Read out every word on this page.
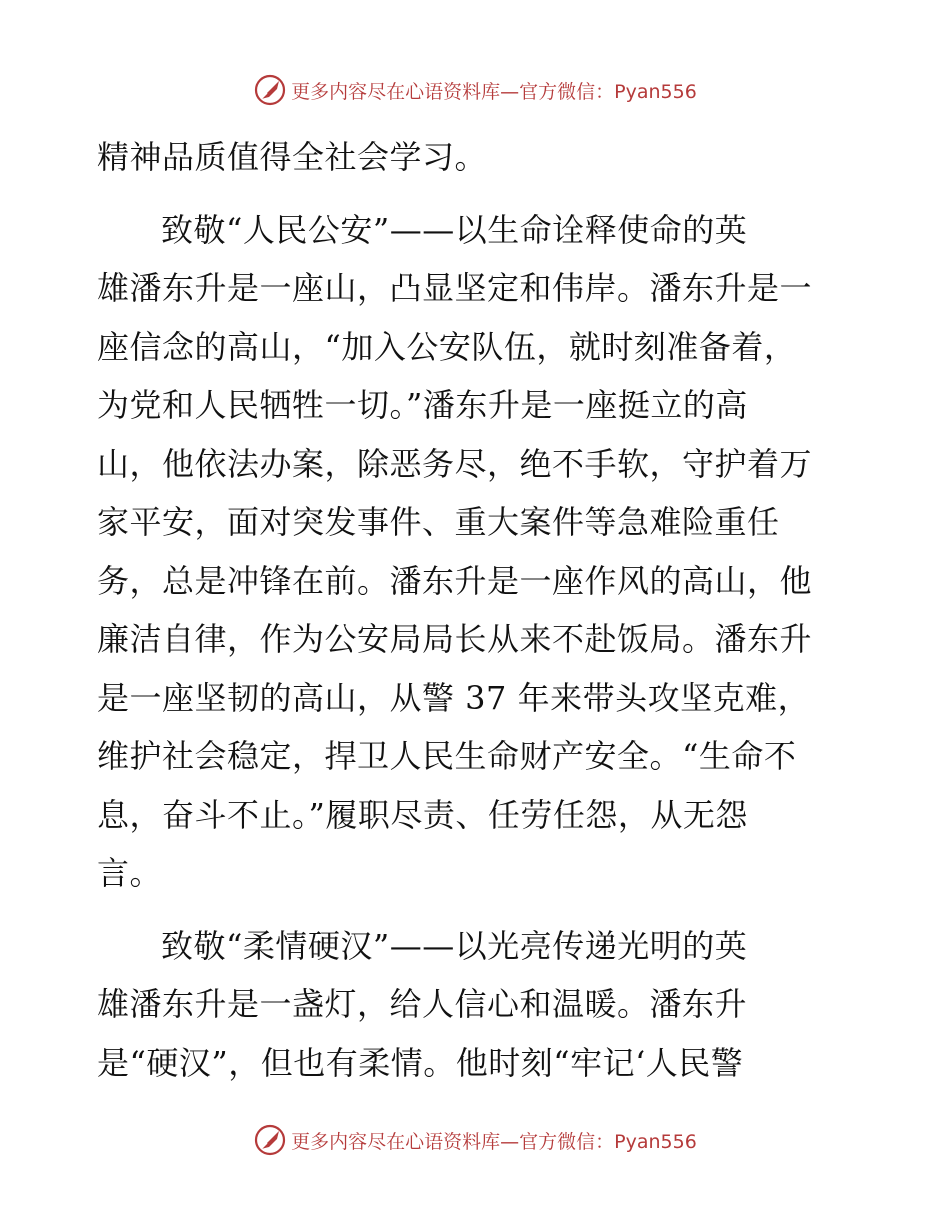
更多内容尽在心语资料库—官方微信：Pyan556
精神品质值得全社会学习。
致敬“人民公安”——以生命诠释使命的英
雄潘东升是一座山，凸显坚定和伟岸。潘东升是一
座信念的高山，“加入公安队伍，就时刻准备着，
为党和人民牺牲一切。”潘东升是一座挺立的高
山，他依法办案，除恶务尽，绝不手软，守护着万
家平安，面对突发事件、重大案件等急难险重任
务，总是冲锋在前。潘东升是一座作风的高山，他
廉洁自律，作为公安局局长从来不赴饭局。潘东升
是一座坚韧的高山，从警 37 年来带头攻坚克难，
维护社会稳定，捍卫人民生命财产安全。“生命不
息，奋斗不止。”履职尽责、任劳任怨，从无怨
言。
致敬“柔情硬汉”——以光亮传递光明的英
雄潘东升是一盏灯，给人信心和温暖。潘东升
是“硬汉”，但也有柔情。他时刻“牢记‘人民警
更多内容尽在心语资料库—官方微信：Pyan556
